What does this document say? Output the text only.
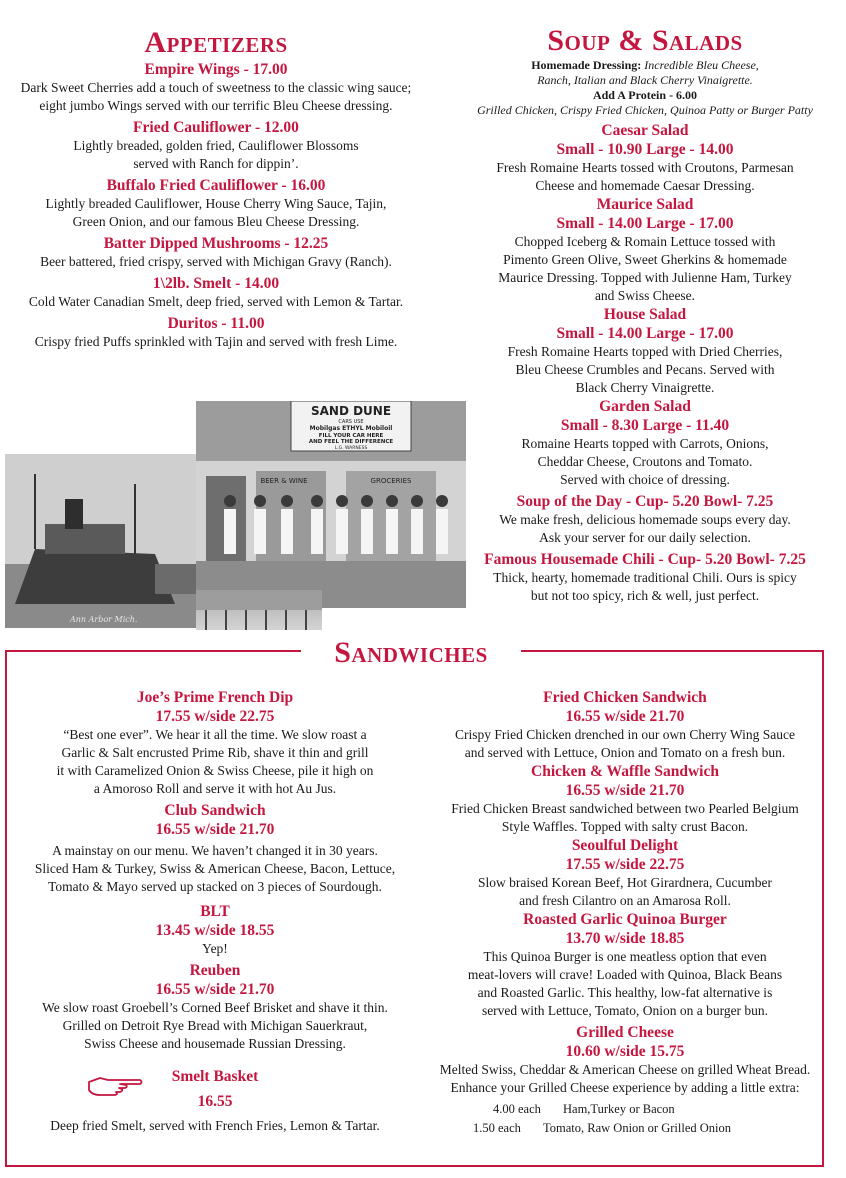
Appetizers
Empire Wings - 17.00
Dark Sweet Cherries add a touch of sweetness to the classic wing sauce;
eight jumbo Wings served with our terrific Bleu Cheese dressing.
Fried Cauliflower - 12.00
Lightly breaded, golden fried, Cauliflower Blossoms
served with Ranch for dippin’.
Buffalo Fried Cauliflower - 16.00
Lightly breaded Cauliflower, House Cherry Wing Sauce, Tajin,
Green Onion, and our famous Bleu Cheese Dressing.
Batter Dipped Mushrooms - 12.25
Beer battered, fried crispy, served with Michigan Gravy (Ranch).
1\2lb. Smelt - 14.00
Cold Water Canadian Smelt, deep fried, served with Lemon & Tartar.
Duritos - 11.00
Crispy fried Puffs sprinkled with Tajin and served with fresh Lime.
Soup & Salads
Homemade Dressing: Incredible Bleu Cheese,
Ranch, Italian and Black Cherry Vinaigrette.
Add A Protein - 6.00
Grilled Chicken, Crispy Fried Chicken, Quinoa Patty or Burger Patty
Caesar Salad
Small - 10.90 Large - 14.00
Fresh Romaine Hearts tossed with Croutons, Parmesan
Cheese and homemade Caesar Dressing.
Maurice Salad
Small - 14.00 Large - 17.00
Chopped Iceberg & Romain Lettuce tossed with
Pimento Green Olive, Sweet Gherkins & homemade
Maurice Dressing. Topped with Julienne Ham, Turkey
and Swiss Cheese.
House Salad
Small - 14.00 Large - 17.00
Fresh Romaine Hearts topped with Dried Cherries,
Bleu Cheese Crumbles and Pecans. Served with
Black Cherry Vinaigrette.
Garden Salad
Small - 8.30 Large - 11.40
Romaine Hearts topped with Carrots, Onions,
Cheddar Cheese, Croutons and Tomato.
Served with choice of dressing.
Soup of the Day - Cup- 5.20 Bowl- 7.25
We make fresh, delicious homemade soups every day.
Ask your server for our daily selection.
Famous Housemade Chili - Cup- 5.20 Bowl- 7.25
Thick, hearty, homemade traditional Chili. Ours is spicy
but not too spicy, rich & well, just perfect.
Ann Arbor Mich.
SAND DUNE
CARS USE
Mobilgas ETHYL Mobiloil
FILL YOUR CAR HERE
AND FEEL THE DIFFERENCE
L.G. WARNESS
BEER & WINE	GROCERIES
Sandwiches
Joe’s Prime French Dip
17.55 w/side 22.75
“Best one ever”. We hear it all the time. We slow roast a
Garlic & Salt encrusted Prime Rib, shave it thin and grill
it with Caramelized Onion & Swiss Cheese, pile it high on
a Amoroso Roll and serve it with hot Au Jus.
Club Sandwich
16.55 w/side 21.70
A mainstay on our menu. We haven’t changed it in 30 years.
Sliced Ham & Turkey, Swiss & American Cheese, Bacon, Lettuce,
Tomato & Mayo served up stacked on 3 pieces of Sourdough.
BLT
13.45 w/side 18.55
Yep!
Reuben
16.55 w/side 21.70
We slow roast Groebell’s Corned Beef Brisket and shave it thin.
Grilled on Detroit Rye Bread with Michigan Sauerkraut,
Swiss Cheese and housemade Russian Dressing.
Smelt Basket
16.55
Deep fried Smelt, served with French Fries, Lemon & Tartar.
Fried Chicken Sandwich
16.55 w/side 21.70
Crispy Fried Chicken drenched in our own Cherry Wing Sauce
and served with Lettuce, Onion and Tomato on a fresh bun.
Chicken & Waffle Sandwich
16.55 w/side 21.70
Fried Chicken Breast sandwiched between two Pearled Belgium
Style Waffles. Topped with salty crust Bacon.
Seoulful Delight
17.55 w/side 22.75
Slow braised Korean Beef, Hot Girardnera, Cucumber
and fresh Cilantro on an Amarosa Roll.
Roasted Garlic Quinoa Burger
13.70 w/side 18.85
This Quinoa Burger is one meatless option that even
meat-lovers will crave! Loaded with Quinoa, Black Beans
and Roasted Garlic. This healthy, low-fat alternative is
served with Lettuce, Tomato, Onion on a burger bun.
Grilled Cheese
10.60 w/side 15.75
Melted Swiss, Cheddar & American Cheese on grilled Wheat Bread.
Enhance your Grilled Cheese experience by adding a little extra:
4.00 each	Ham,Turkey or Bacon
1.50 each	Tomato, Raw Onion or Grilled Onion
